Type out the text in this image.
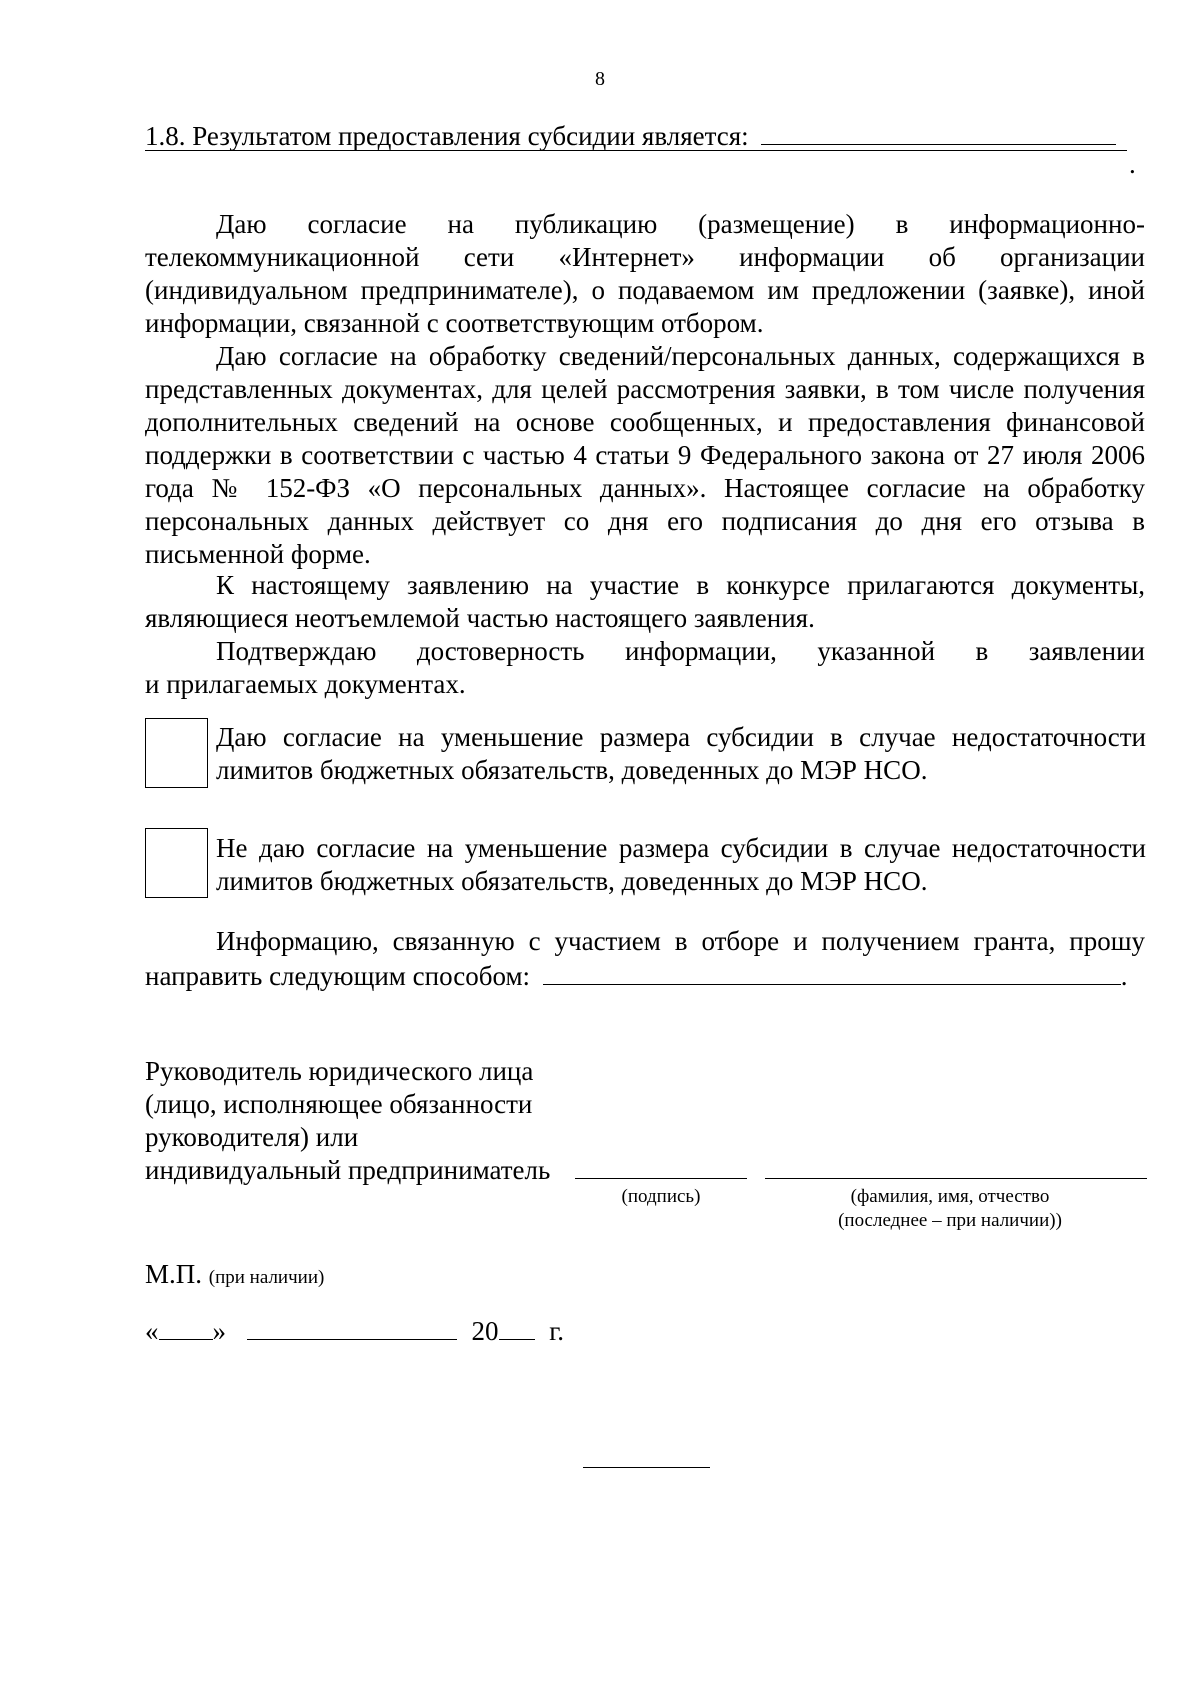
8
1.8. Результатом предоставления субсидии является:
.
Даю согласие на публикацию (размещение) в информационно-
телекоммуникационной сети «Интернет» информации об организации (индивидуальном предпринимателе), о подаваемом им предложении (заявке), иной информации, связанной с соответствующим отбором.
Даю согласие на обработку сведений/персональных данных, содержащихся в представленных документах, для целей рассмотрения заявки, в том числе получения дополнительных сведений на основе сообщенных, и предоставления финансовой поддержки в соответствии с частью 4 статьи 9 Федерального закона от 27 июля 2006 года № 152-ФЗ «О персональных данных». Настоящее согласие на обработку персональных данных действует со дня его подписания до дня его отзыва в письменной форме.
К настоящему заявлению на участие в конкурсе прилагаются документы, являющиеся неотъемлемой частью настоящего заявления.
Подтверждаю достоверность информации, указанной в заявлении
и прилагаемых документах.
Даю согласие на уменьшение размера субсидии в случае недостаточности лимитов бюджетных обязательств, доведенных до МЭР НСО.
Не даю согласие на уменьшение размера субсидии в случае недостаточности лимитов бюджетных обязательств, доведенных до МЭР НСО.
Информацию, связанную с участием в отборе и получением гранта, прошу
направить следующим способом:	.
Руководитель юридического лица
(лицо, исполняющее обязанности
руководителя) или
индивидуальный предприниматель
(подпись)	(фамилия, имя, отчество
(последнее – при наличии))
М.П. (при наличии)
« »	20 г.
